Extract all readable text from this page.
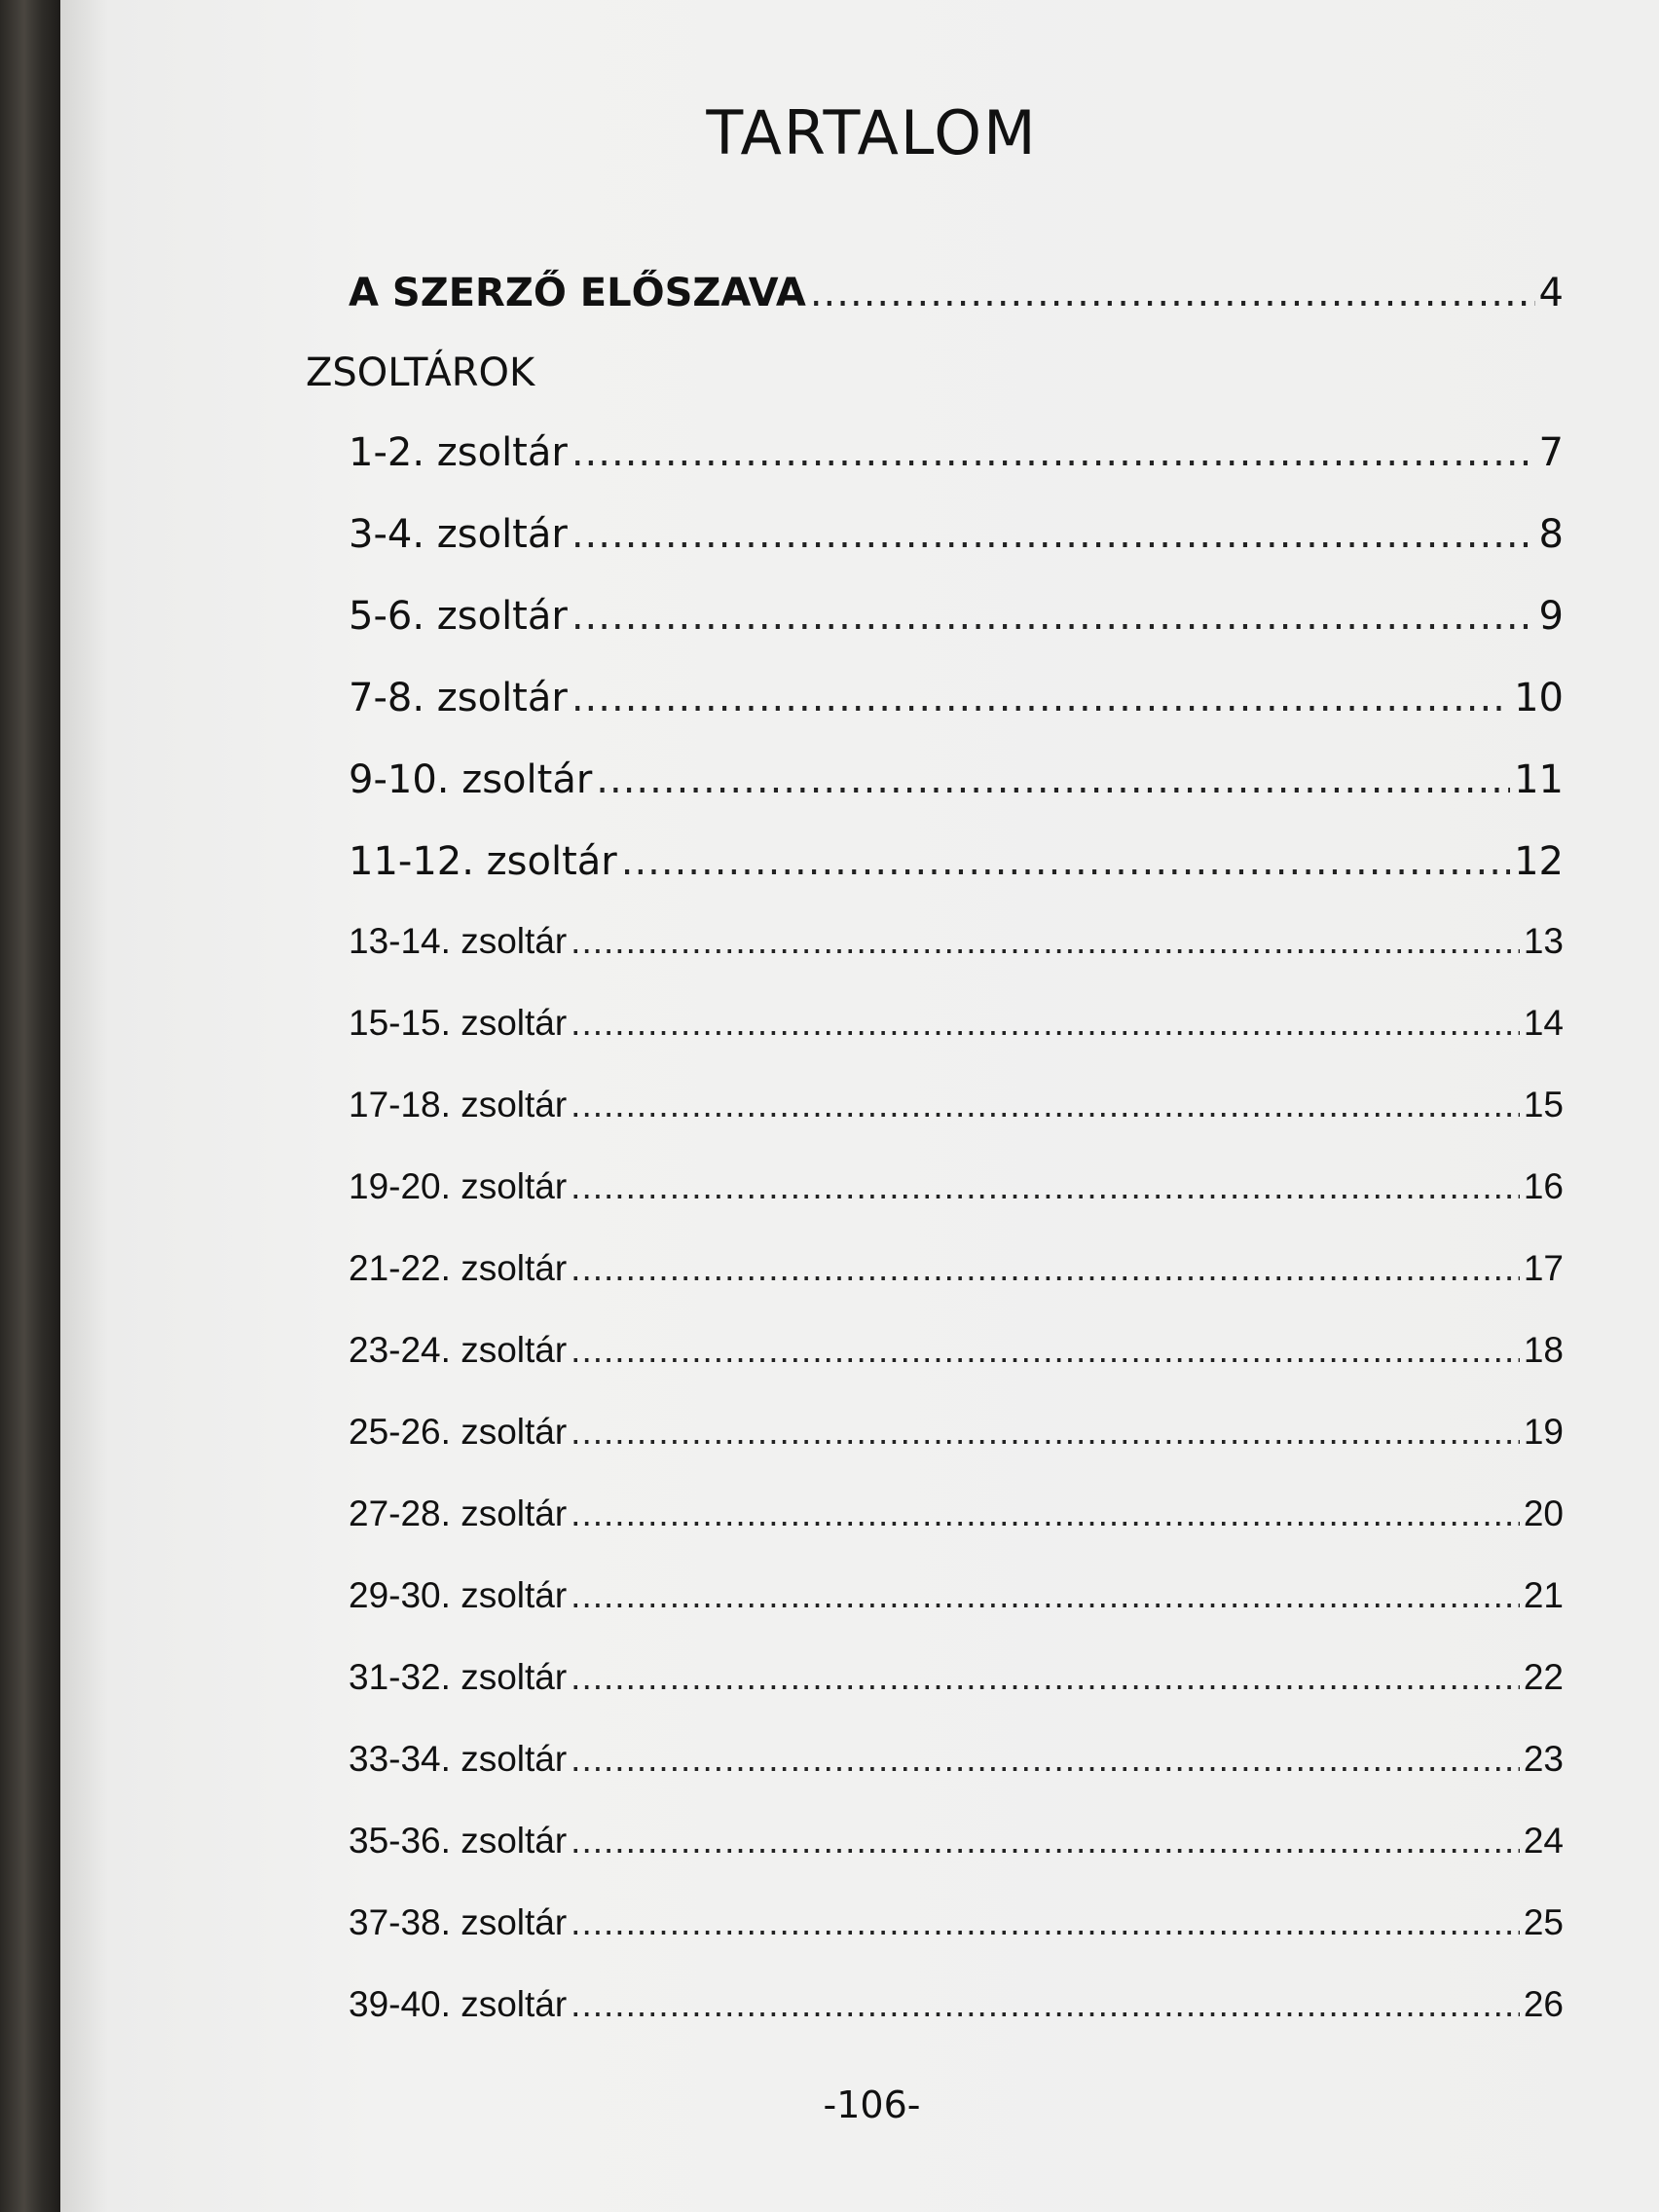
TARTALOM
A SZERZŐ ELŐSZAVA .....	4
ZSOLTÁROK
1-2. zsoltár .....	7
3-4. zsoltár .....	8
5-6. zsoltár .....	9
7-8. zsoltár .....	10
9-10. zsoltár .....	11
11-12. zsoltár .....	12
13-14. zsoltár .....	13
15-15. zsoltár .....	14
17-18. zsoltár .....	15
19-20. zsoltár .....	16
21-22. zsoltár .....	17
23-24. zsoltár .....	18
25-26. zsoltár .....	19
27-28. zsoltár .....	20
29-30. zsoltár .....	21
31-32. zsoltár .....	22
33-34. zsoltár .....	23
35-36. zsoltár .....	24
37-38. zsoltár .....	25
39-40. zsoltár .....	26
-106-
